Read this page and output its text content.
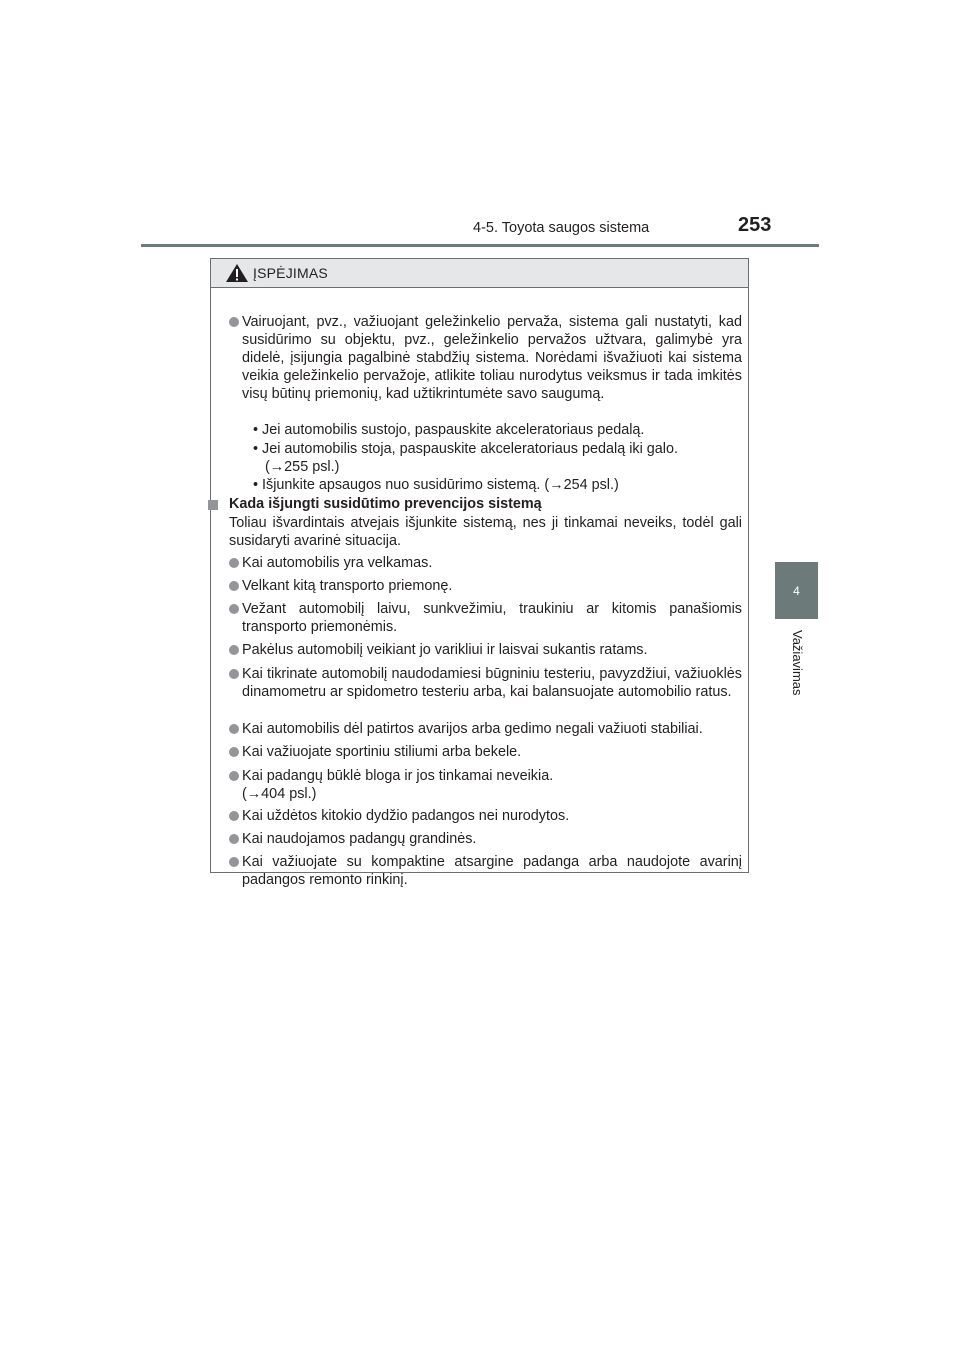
4-5. Toyota saugos sistema	253
4
Važiavimas
ĮSPĖJIMAS
Vairuojant, pvz., važiuojant geležinkelio pervaža, sistema gali nustatyti, kad susidūrimo su objektu, pvz., geležinkelio pervažos užtvara, galimybė yra didelė, įsijungia pagalbinė stabdžių sistema. Norėdami išvažiuoti kai sistema veikia geležinkelio pervažoje, atlikite toliau nurodytus veiksmus ir tada imkitės visų būtinų priemonių, kad užtikrintumėte savo saugumą.
• Jei automobilis sustojo, paspauskite akceleratoriaus pedalą.
• Jei automobilis stoja, paspauskite akceleratoriaus pedalą iki galo.
(→255 psl.)
• Išjunkite apsaugos nuo susidūrimo sistemą. (→254 psl.)
Kada išjungti susidūtimo prevencijos sistemą
Toliau išvardintais atvejais išjunkite sistemą, nes ji tinkamai neveiks, todėl gali susidaryti avarinė situacija.
Kai automobilis yra velkamas.
Velkant kitą transporto priemonę.
Vežant automobilį laivu, sunkvežimiu, traukiniu ar kitomis panašiomis transporto priemonėmis.
Pakėlus automobilį veikiant jo varikliui ir laisvai sukantis ratams.
Kai tikrinate automobilį naudodamiesi būgniniu testeriu, pavyzdžiui, važiuoklės dinamometru ar spidometro testeriu arba, kai balansuojate automobilio ratus.
Kai automobilis dėl patirtos avarijos arba gedimo negali važiuoti stabiliai.
Kai važiuojate sportiniu stiliumi arba bekele.
Kai padangų būklė bloga ir jos tinkamai neveikia.
(→404 psl.)
Kai uždėtos kitokio dydžio padangos nei nurodytos.
Kai naudojamos padangų grandinės.
Kai važiuojate su kompaktine atsargine padanga arba naudojote avarinį padangos remonto rinkinį.
